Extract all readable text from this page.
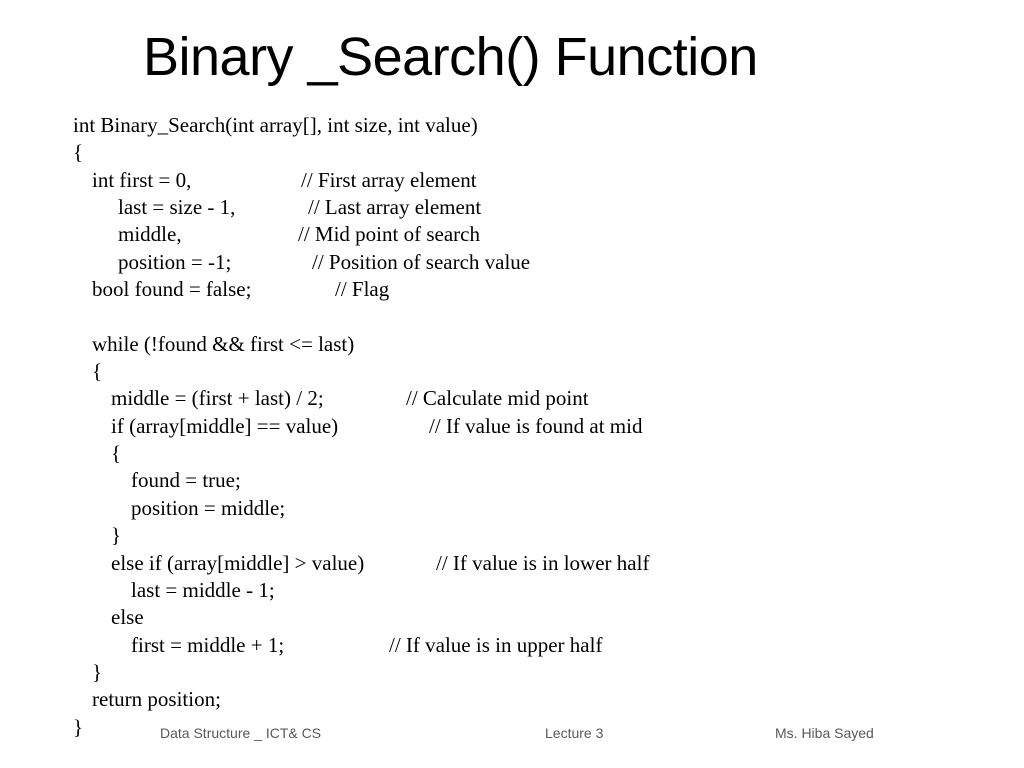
Binary _Search() Function

int Binary_Search(int array[], int size, int value)

{

int first = 0,

	// First array element

last = size - 1,

	// Last array element

middle,

	// Mid point of search

position = -1;

	// Position of search value

bool found = false;

	// Flag

while (!found && first <= last)

{

middle = (first + last) / 2;

	// Calculate mid point

if (array[middle] == value)

	// If value is found at mid

{

found = true;

position = middle;

}

else if (array[middle] > value)

	// If value is in lower half

last = middle - 1;

else

first = middle + 1;

	// If value is in upper half

}

return position;

}

	Data Structure _ ICT& CS	Lecture 3	Ms. Hiba Sayed
